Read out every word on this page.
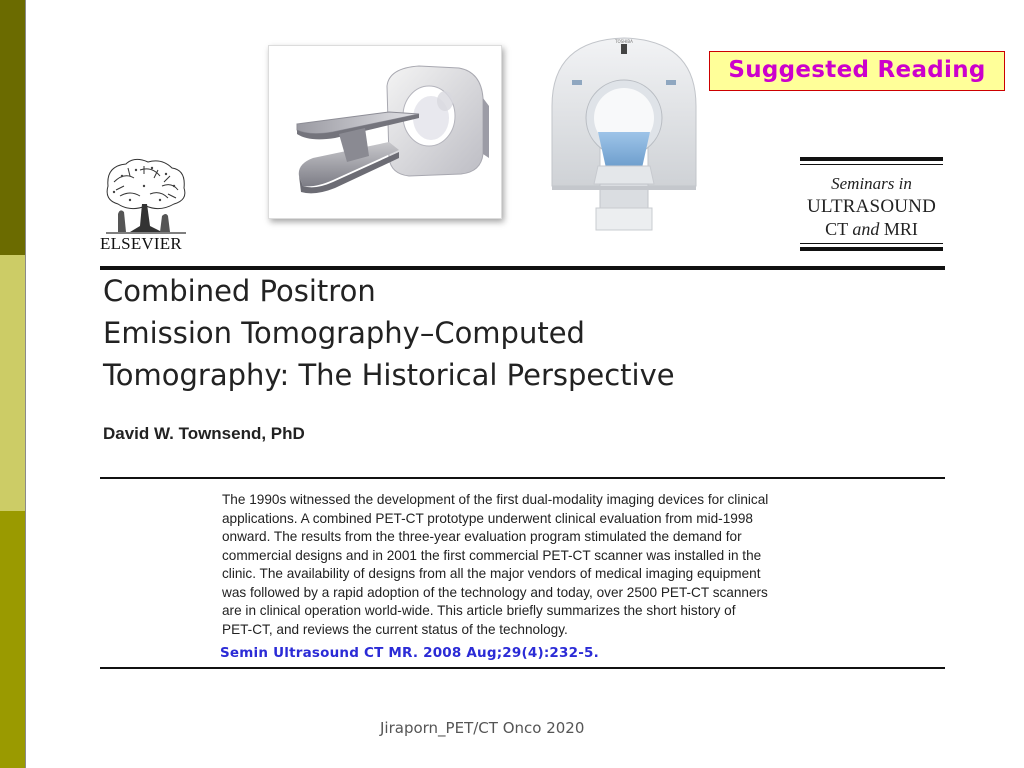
TOSHIBA
Suggested Reading
ELSEVIER
Seminars in
ULTRASOUND
CT and MRI
Combined Positron
Emission Tomography–Computed
Tomography: The Historical Perspective
David W. Townsend, PhD
The 1990s witnessed the development of the first dual-modality imaging devices for clinical
applications. A combined PET-CT prototype underwent clinical evaluation from mid-1998
onward. The results from the three-year evaluation program stimulated the demand for
commercial designs and in 2001 the first commercial PET-CT scanner was installed in the
clinic. The availability of designs from all the major vendors of medical imaging equipment
was followed by a rapid adoption of the technology and today, over 2500 PET-CT scanners
are in clinical operation world-wide. This article briefly summarizes the short history of
PET-CT, and reviews the current status of the technology.
Semin Ultrasound CT MR. 2008 Aug;29(4):232-5.
Jiraporn_PET/CT Onco 2020
